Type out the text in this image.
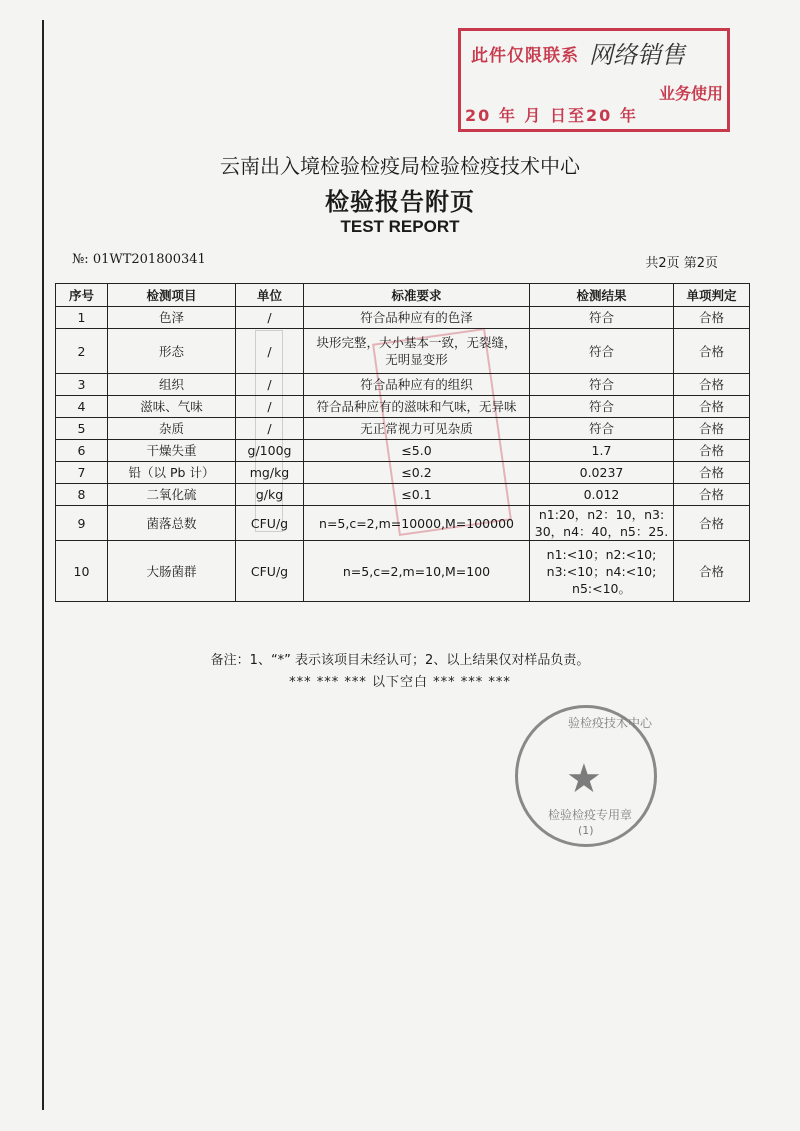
此件仅限联系 网络销售
业务使用
20 年 月 日至20 年
云南出入境检验检疫局检验检疫技术中心
检验报告附页
TEST REPORT
№: 01WT201800341	共2页 第2页
序号	检测项目	单位	标准要求	检测结果	单项判定
1	色泽	/	符合品种应有的色泽	符合	合格
2	形态	/	块形完整，大小基本一致，无裂缝，
无明显变形	符合	合格
3	组织	/	符合品种应有的组织	符合	合格
4	滋味、气味	/	符合品种应有的滋味和气味，无异味	符合	合格
5	杂质	/	无正常视力可见杂质	符合	合格
6	干燥失重	g/100g	≤5.0	1.7	合格
7	铅（以 Pb 计）	mg/kg	≤0.2	0.0237	合格
8	二氧化硫	g/kg	≤0.1	0.012	合格
9	菌落总数	CFU/g	n=5,c=2,m=10000,M=100000	n1:20，n2：10，n3:
30，n4：40，n5：25.	合格
10	大肠菌群	CFU/g	n=5,c=2,m=10,M=100	n1:<10；n2:<10;
n3:<10；n4:<10;
n5:<10。	合格
备注：1、“*” 表示该项目未经认可；2、以上结果仅对样品负责。
*** *** *** 以下空白 *** *** ***
验检疫技术中心
★
检验检疫专用章
(1)
